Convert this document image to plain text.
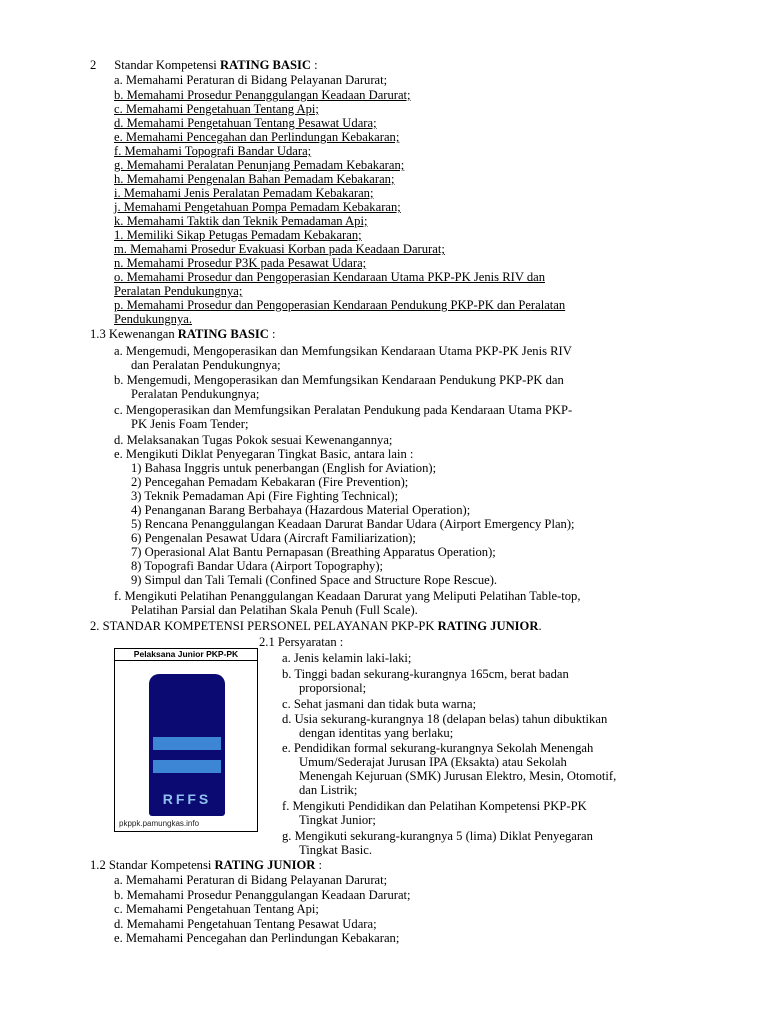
2 Standar Kompetensi RATING BASIC :
a. Memahami Peraturan di Bidang Pelayanan Darurat;
b. Memahami Prosedur Penanggulangan Keadaan Darurat;
c. Memahami Pengetahuan Tentang Api;
d. Memahami Pengetahuan Tentang Pesawat Udara;
e. Memahami Pencegahan dan Perlindungan Kebakaran;
f. Memahami Topografi Bandar Udara;
g. Memahami Peralatan Penunjang Pemadam Kebakaran;
h. Memahami Pengenalan Bahan Pemadam Kebakaran;
i. Memahami Jenis Peralatan Pemadam Kebakaran;
j. Memahami Pengetahuan Pompa Pemadam Kebakaran;
k. Memahami Taktik dan Teknik Pemadaman Api;
1. Memiliki Sikap Petugas Pemadam Kebakaran;
m. Memahami Prosedur Evakuasi Korban pada Keadaan Darurat;
n. Memahami Prosedur P3K pada Pesawat Udara;
o. Memahami Prosedur dan Pengoperasian Kendaraan Utama PKP-PK Jenis RIV dan
Peralatan Pendukungnya;
p. Memahami Prosedur dan Pengoperasian Kendaraan Pendukung PKP-PK dan Peralatan
Pendukungnya.
1.3 Kewenangan RATING BASIC :
a. Mengemudi, Mengoperasikan dan Memfungsikan Kendaraan Utama PKP-PK Jenis RIV
dan Peralatan Pendukungnya;
b. Mengemudi, Mengoperasikan dan Memfungsikan Kendaraan Pendukung PKP-PK dan
Peralatan Pendukungnya;
c. Mengoperasikan dan Memfungsikan Peralatan Pendukung pada Kendaraan Utama PKP-
PK Jenis Foam Tender;
d. Melaksanakan Tugas Pokok sesuai Kewenangannya;
e. Mengikuti Diklat Penyegaran Tingkat Basic, antara lain :
1) Bahasa Inggris untuk penerbangan (English for Aviation);
2) Pencegahan Pemadam Kebakaran (Fire Prevention);
3) Teknik Pemadaman Api (Fire Fighting Technical);
4) Penanganan Barang Berbahaya (Hazardous Material Operation);
5) Rencana Penanggulangan Keadaan Darurat Bandar Udara (Airport Emergency Plan);
6) Pengenalan Pesawat Udara (Aircraft Familiarization);
7) Operasional Alat Bantu Pernapasan (Breathing Apparatus Operation);
8) Topografi Bandar Udara (Airport Topography);
9) Simpul dan Tali Temali (Confined Space and Structure Rope Rescue).
f. Mengikuti Pelatihan Penanggulangan Keadaan Darurat yang Meliputi Pelatihan Table-top,
Pelatihan Parsial dan Pelatihan Skala Penuh (Full Scale).
2. STANDAR KOMPETENSI PERSONEL PELAYANAN PKP-PK RATING JUNIOR.
Pelaksana Junior PKP-PK
RFFS
pkppk.pamungkas.info
2.1 Persyaratan :
a. Jenis kelamin laki-laki;
b. Tinggi badan sekurang-kurangnya 165cm, berat badan
proporsional;
c. Sehat jasmani dan tidak buta warna;
d. Usia sekurang-kurangnya 18 (delapan belas) tahun dibuktikan
dengan identitas yang berlaku;
e. Pendidikan formal sekurang-kurangnya Sekolah Menengah
Umum/Sederajat Jurusan IPA (Eksakta) atau Sekolah
Menengah Kejuruan (SMK) Jurusan Elektro, Mesin, Otomotif,
dan Listrik;
f. Mengikuti Pendidikan dan Pelatihan Kompetensi PKP-PK
Tingkat Junior;
g. Mengikuti sekurang-kurangnya 5 (lima) Diklat Penyegaran
Tingkat Basic.
1.2 Standar Kompetensi RATING JUNIOR :
a. Memahami Peraturan di Bidang Pelayanan Darurat;
b. Memahami Prosedur Penanggulangan Keadaan Darurat;
c. Memahami Pengetahuan Tentang Api;
d. Memahami Pengetahuan Tentang Pesawat Udara;
e. Memahami Pencegahan dan Perlindungan Kebakaran;
